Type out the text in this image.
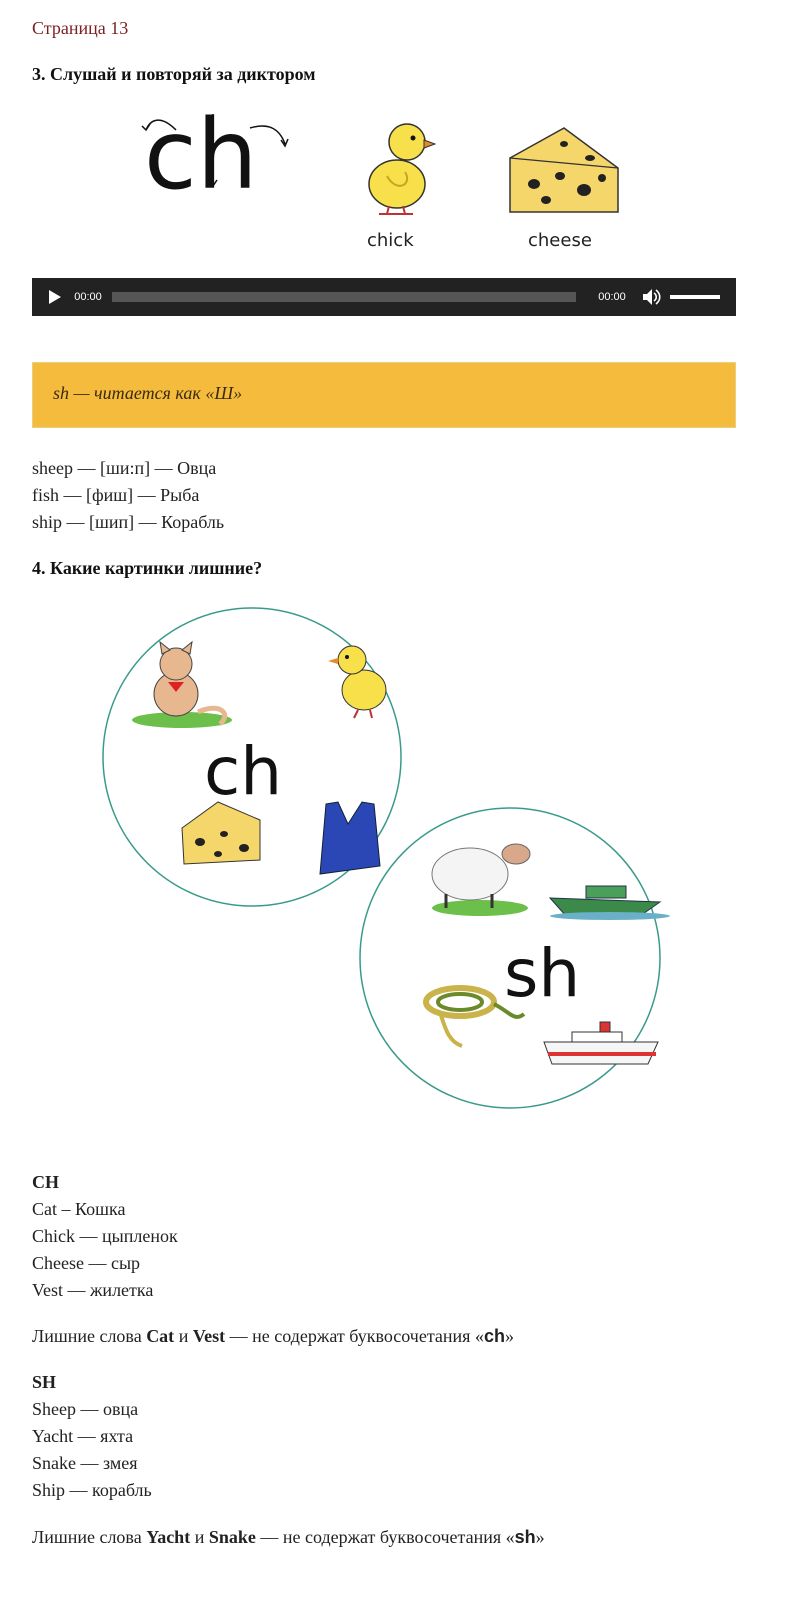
Страница 13
3. Слушай и повторяй за диктором
ch
chick	cheese
00:00	00:00
sh — читается как «Ш»
sheep — [ши:п] — Овца
fish — [фиш] — Рыба
ship — [шип] — Корабль
4. Какие картинки лишние?
ch
sh
CH
Cat – Кошка
Chick — цыпленок
Cheese — сыр
Vest — жилетка
Лишние слова Cat и Vest — не содержат буквосочетания «ch»
SH
Sheep — овца
Yacht — яхта
Snake — змея
Ship — корабль
Лишние слова Yacht и Snake — не содержат буквосочетания «sh»
